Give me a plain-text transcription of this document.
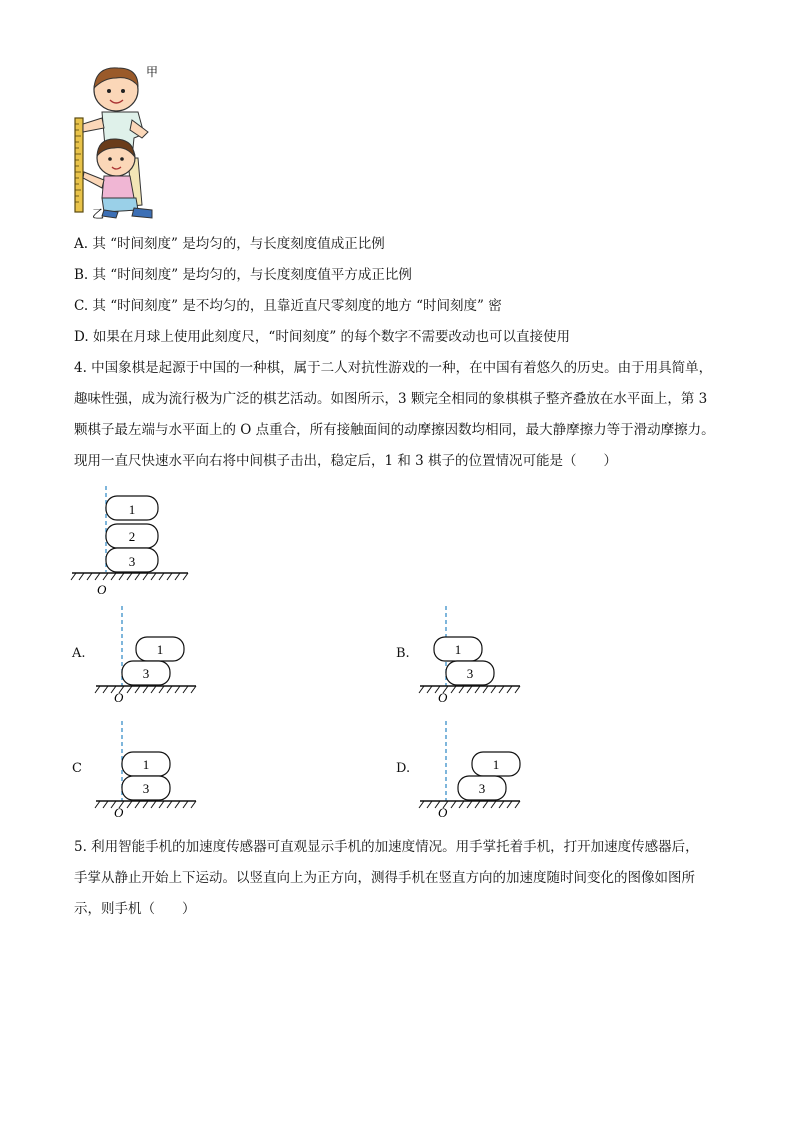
甲
乙
A. 其 “时间刻度” 是均匀的，与长度刻度值成正比例
B. 其 “时间刻度” 是均匀的，与长度刻度值平方成正比例
C. 其 “时间刻度” 是不均匀的，且靠近直尺零刻度的地方 “时间刻度” 密
D. 如果在月球上使用此刻度尺，“时间刻度” 的每个数字不需要改动也可以直接使用
4. 中国象棋是起源于中国的一种棋，属于二人对抗性游戏的一种，在中国有着悠久的历史。由于用具简单，
趣味性强，成为流行极为广泛的棋艺活动。如图所示，3 颗完全相同的象棋棋子整齐叠放在水平面上，第 3
颗棋子最左端与水平面上的 O 点重合，所有接触面间的动摩擦因数均相同，最大静摩擦力等于滑动摩擦力。
现用一直尺快速水平向右将中间棋子击出，稳定后，1 和 3 棋子的位置情况可能是（　　）
1
2
3
O
A.	1
3
O
B.	1
3
O
C	1
3
O
D.	1
3
O
5. 利用智能手机的加速度传感器可直观显示手机的加速度情况。用手掌托着手机，打开加速度传感器后，
手掌从静止开始上下运动。以竖直向上为正方向，测得手机在竖直方向的加速度随时间变化的图像如图所
示，则手机（　　）
